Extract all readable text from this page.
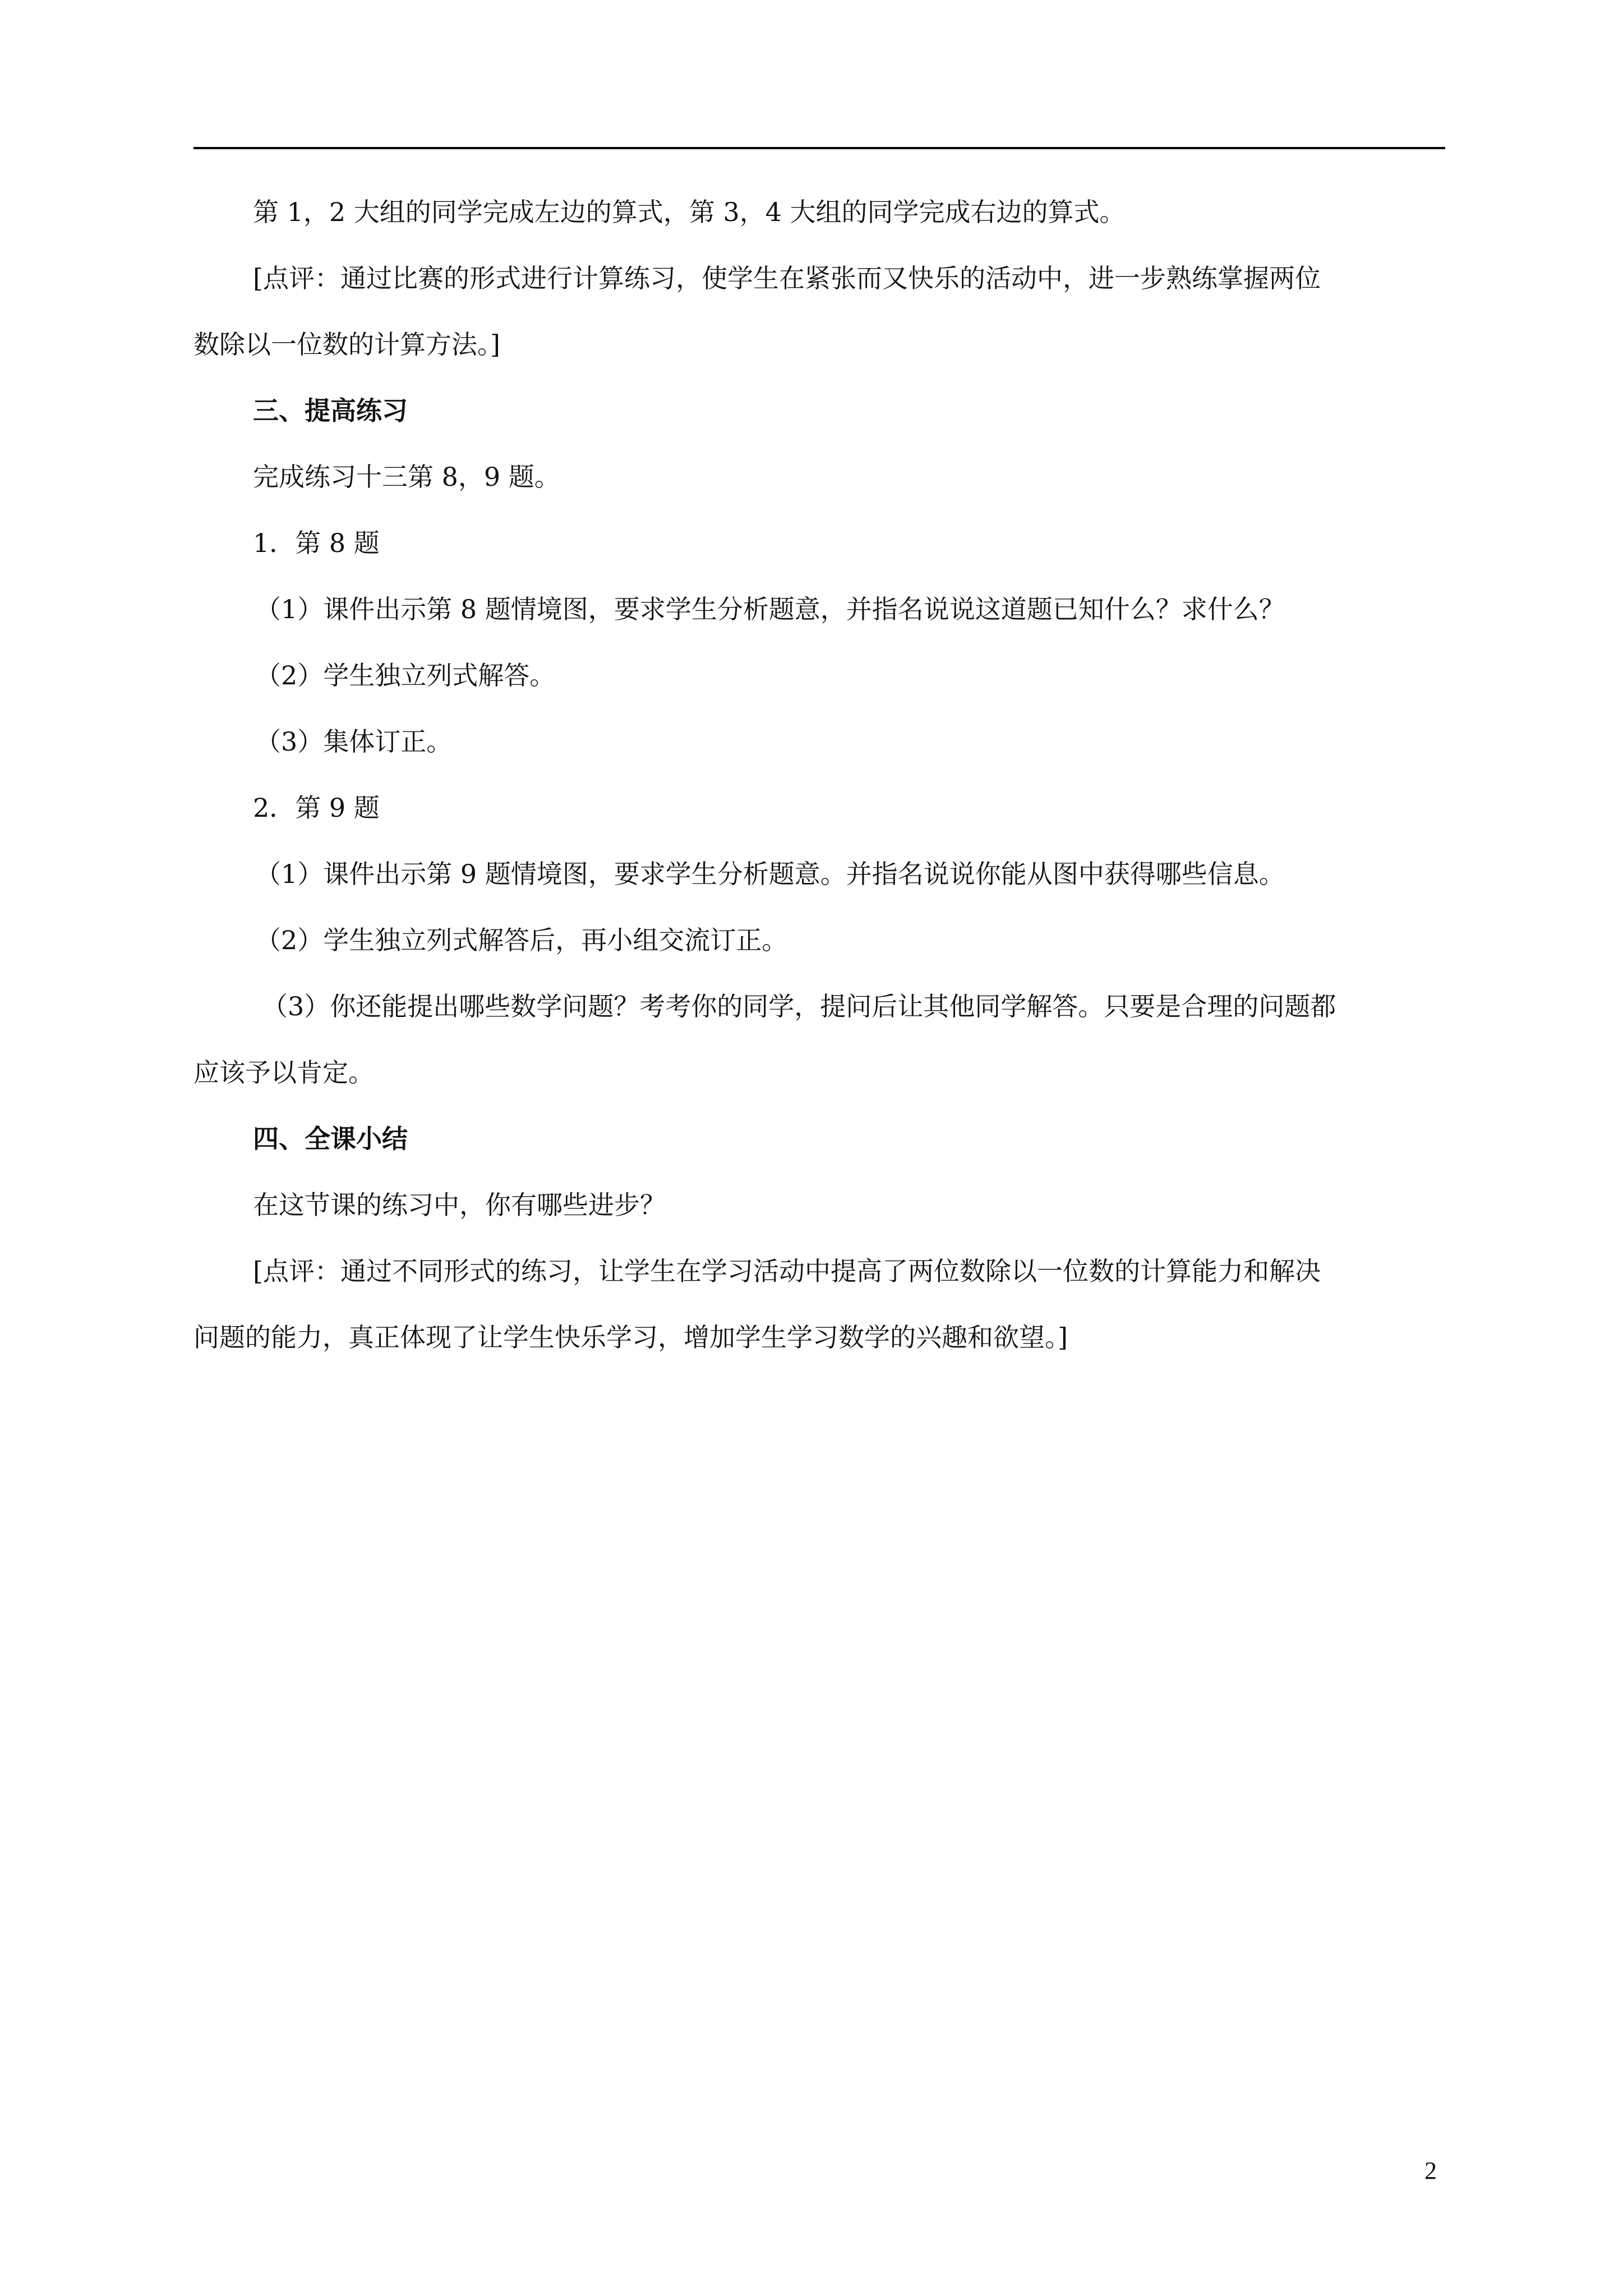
第 1，2 大组的同学完成左边的算式，第 3，4 大组的同学完成右边的算式。
[点评：通过比赛的形式进行计算练习，使学生在紧张而又快乐的活动中，进一步熟练掌握两位
数除以一位数的计算方法。]
三、提高练习
完成练习十三第 8，9 题。
1．第 8 题
（1）课件出示第 8 题情境图，要求学生分析题意，并指名说说这道题已知什么？求什么？
（2）学生独立列式解答。
（3）集体订正。
2．第 9 题
（1）课件出示第 9 题情境图，要求学生分析题意。并指名说说你能从图中获得哪些信息。
（2）学生独立列式解答后，再小组交流订正。
（3）你还能提出哪些数学问题？考考你的同学，提问后让其他同学解答。只要是合理的问题都
应该予以肯定。
四、全课小结
在这节课的练习中，你有哪些进步？
[点评：通过不同形式的练习，让学生在学习活动中提高了两位数除以一位数的计算能力和解决
问题的能力，真正体现了让学生快乐学习，增加学生学习数学的兴趣和欲望。]
2
